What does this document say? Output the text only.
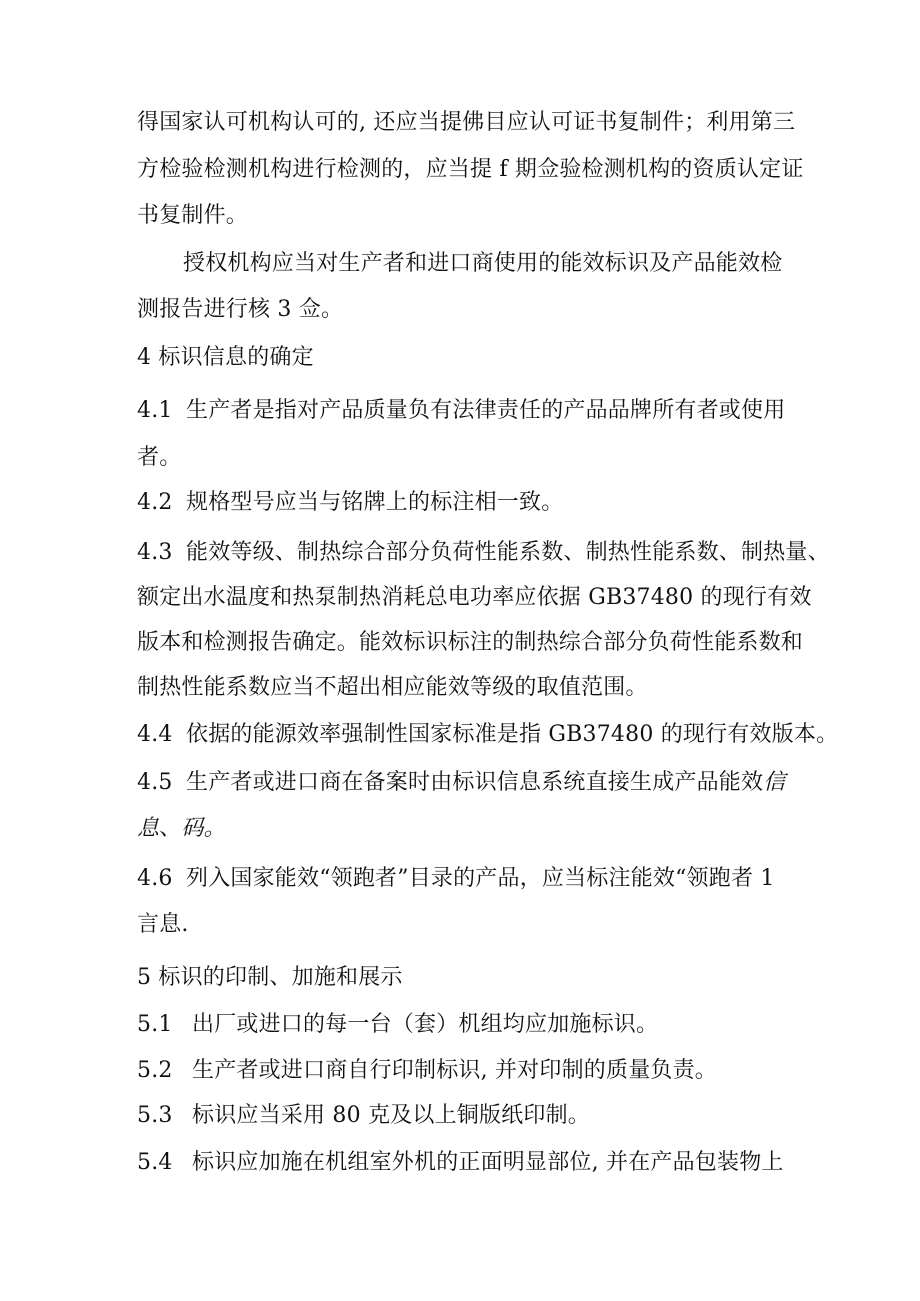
得国家认可机构认可的, 还应当提佛目应认可证书复制件；利用第三
方检验检测机构进行检测的，应当提 f 期佥验检测机构的资质认定证
书复制件。
授权机构应当对生产者和进口商使用的能效标识及产品能效检
测报告进行核 3 佥。
4 标识信息的确定
4.1 生产者是指对产品质量负有法律责任的产品品牌所有者或使用
者。
4.2 规格型号应当与铭牌上的标注相一致。
4.3 能效等级、制热综合部分负荷性能系数、制热性能系数、制热量、
额定出水温度和热泵制热消耗总电功率应依据 GB37480 的现行有效
版本和检测报告确定。能效标识标注的制热综合部分负荷性能系数和
制热性能系数应当不超出相应能效等级的取值范围。
4.4 依据的能源效率强制性国家标准是指 GB37480 的现行有效版本。
4.5 生产者或进口商在备案时由标识信息系统直接生成产品能效信
息、码。
4.6 列入国家能效“领跑者”目录的产品，应当标注能效“领跑者 1
言息.
5 标识的印制、加施和展示
5.1 出厂或进口的每一台（套）机组均应加施标识。
5.2 生产者或进口商自行印制标识, 并对印制的质量负责。
5.3 标识应当采用 80 克及以上铜版纸印制。
5.4 标识应加施在机组室外机的正面明显部位, 并在产品包装物上
